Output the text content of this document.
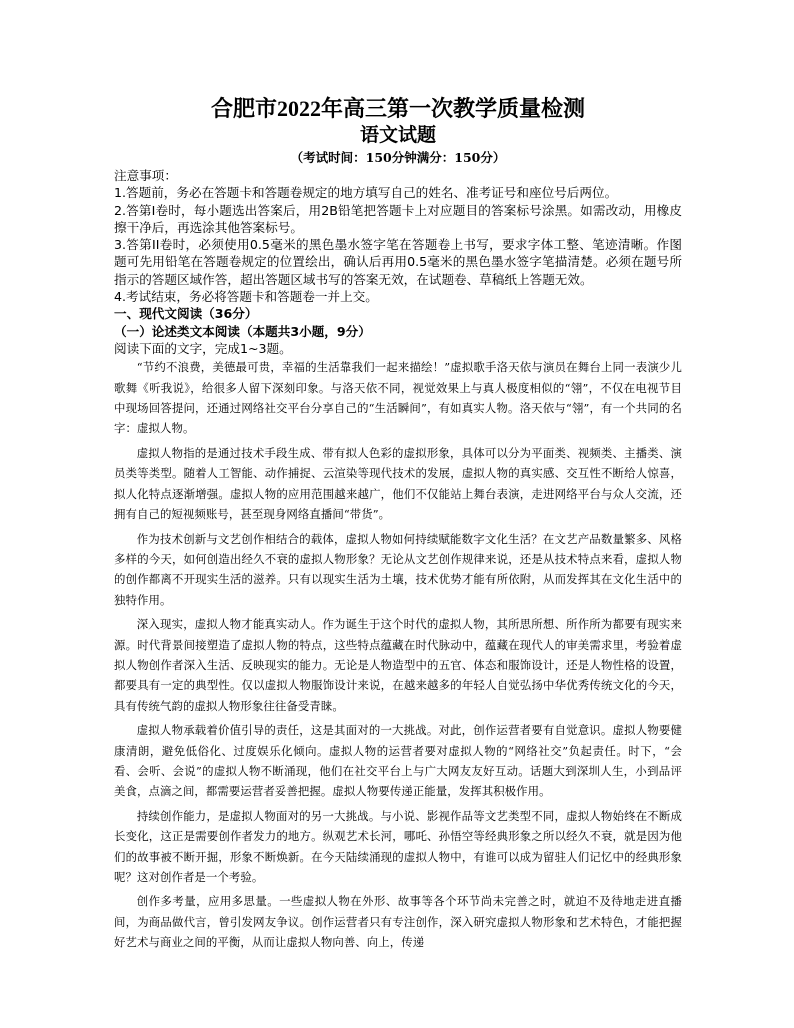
合肥市2022年高三第一次教学质量检测
语文试题
（考试时间：150分钟满分：150分）

注意事项：

1.答题前，务必在答题卡和答题卷规定的地方填写自己的姓名、准考证号和座位号后两位。

2.答第Ⅰ卷时，每小题选出答案后，用2B铅笔把答题卡上对应题目的答案标号涂黑。如需改动，用橡皮擦干净后，再选涂其他答案标号。

3.答第II卷时，必须使用0.5毫米的黑色墨水签字笔在答题卷上书写，要求字体工整、笔迹清晰。作图题可先用铅笔在答题卷规定的位置绘出，确认后再用0.5毫米的黑色墨水签字笔描清楚。必须在题号所指示的答题区域作答，超出答题区域书写的答案无效，在试题卷、草稿纸上答题无效。

4.考试结束，务必将答题卡和答题卷一并上交。

一、现代文阅读（36分）
（一）论述类文本阅读（本题共3小题，9分）
阅读下面的文字，完成1~3题。

“节约不浪费，美德最可贵，幸福的生活靠我们一起来描绘！”虚拟歌手洛天依与演员在舞台上同一表演少儿歌舞《听我说》，给很多人留下深刻印象。与洛天依不同，视觉效果上与真人极度相似的“翎”，不仅在电视节目中现场回答提问，还通过网络社交平台分享自己的“生活瞬间”，有如真实人物。洛天依与“翎”，有一个共同的名字：虚拟人物。

虚拟人物指的是通过技术手段生成、带有拟人色彩的虚拟形象，具体可以分为平面类、视频类、主播类、演员类等类型。随着人工智能、动作捕捉、云渲染等现代技术的发展，虚拟人物的真实感、交互性不断给人惊喜，拟人化特点逐渐增强。虚拟人物的应用范围越来越广，他们不仅能站上舞台表演，走进网络平台与众人交流，还拥有自己的短视频账号，甚至现身网络直播间“带货”。

作为技术创新与文艺创作相结合的载体，虚拟人物如何持续赋能数字文化生活？在文艺产品数量繁多、风格多样的今天，如何创造出经久不衰的虚拟人物形象？无论从文艺创作规律来说，还是从技术特点来看，虚拟人物的创作都离不开现实生活的滋养。只有以现实生活为土壤，技术优势才能有所依附，从而发挥其在文化生活中的独特作用。

深入现实，虚拟人物才能真实动人。作为诞生于这个时代的虚拟人物，其所思所想、所作所为都要有现实来源。时代背景间接塑造了虚拟人物的特点，这些特点蕴藏在时代脉动中，蕴藏在现代人的审美需求里，考验着虚拟人物创作者深入生活、反映现实的能力。无论是人物造型中的五官、体态和服饰设计，还是人物性格的设置，都要具有一定的典型性。仅以虚拟人物服饰设计来说，在越来越多的年轻人自觉弘扬中华优秀传统文化的今天，具有传统气韵的虚拟人物形象往往备受青睐。

虚拟人物承载着价值引导的责任，这是其面对的一大挑战。对此，创作运营者要有自觉意识。虚拟人物要健康清朗，避免低俗化、过度娱乐化倾向。虚拟人物的运营者要对虚拟人物的“网络社交”负起责任。时下，“会看、会听、会说”的虚拟人物不断涌现，他们在社交平台上与广大网友友好互动。话题大到深圳人生，小到品评美食，点滴之间，都需要运营者妥善把握。虚拟人物要传递正能量，发挥其积极作用。

持续创作能力，是虚拟人物面对的另一大挑战。与小说、影视作品等文艺类型不同，虚拟人物始终在不断成长变化，这正是需要创作者发力的地方。纵观艺术长河，哪吒、孙悟空等经典形象之所以经久不衰，就是因为他们的故事被不断开掘，形象不断焕新。在今天陆续涌现的虚拟人物中，有谁可以成为留驻人们记忆中的经典形象呢？这对创作者是一个考验。

创作多考量，应用多思量。一些虚拟人物在外形、故事等各个环节尚未完善之时，就迫不及待地走进直播间，为商品做代言，曾引发网友争议。创作运营者只有专注创作，深入研究虚拟人物形象和艺术特色，才能把握好艺术与商业之间的平衡，从而让虚拟人物向善、向上，传递
